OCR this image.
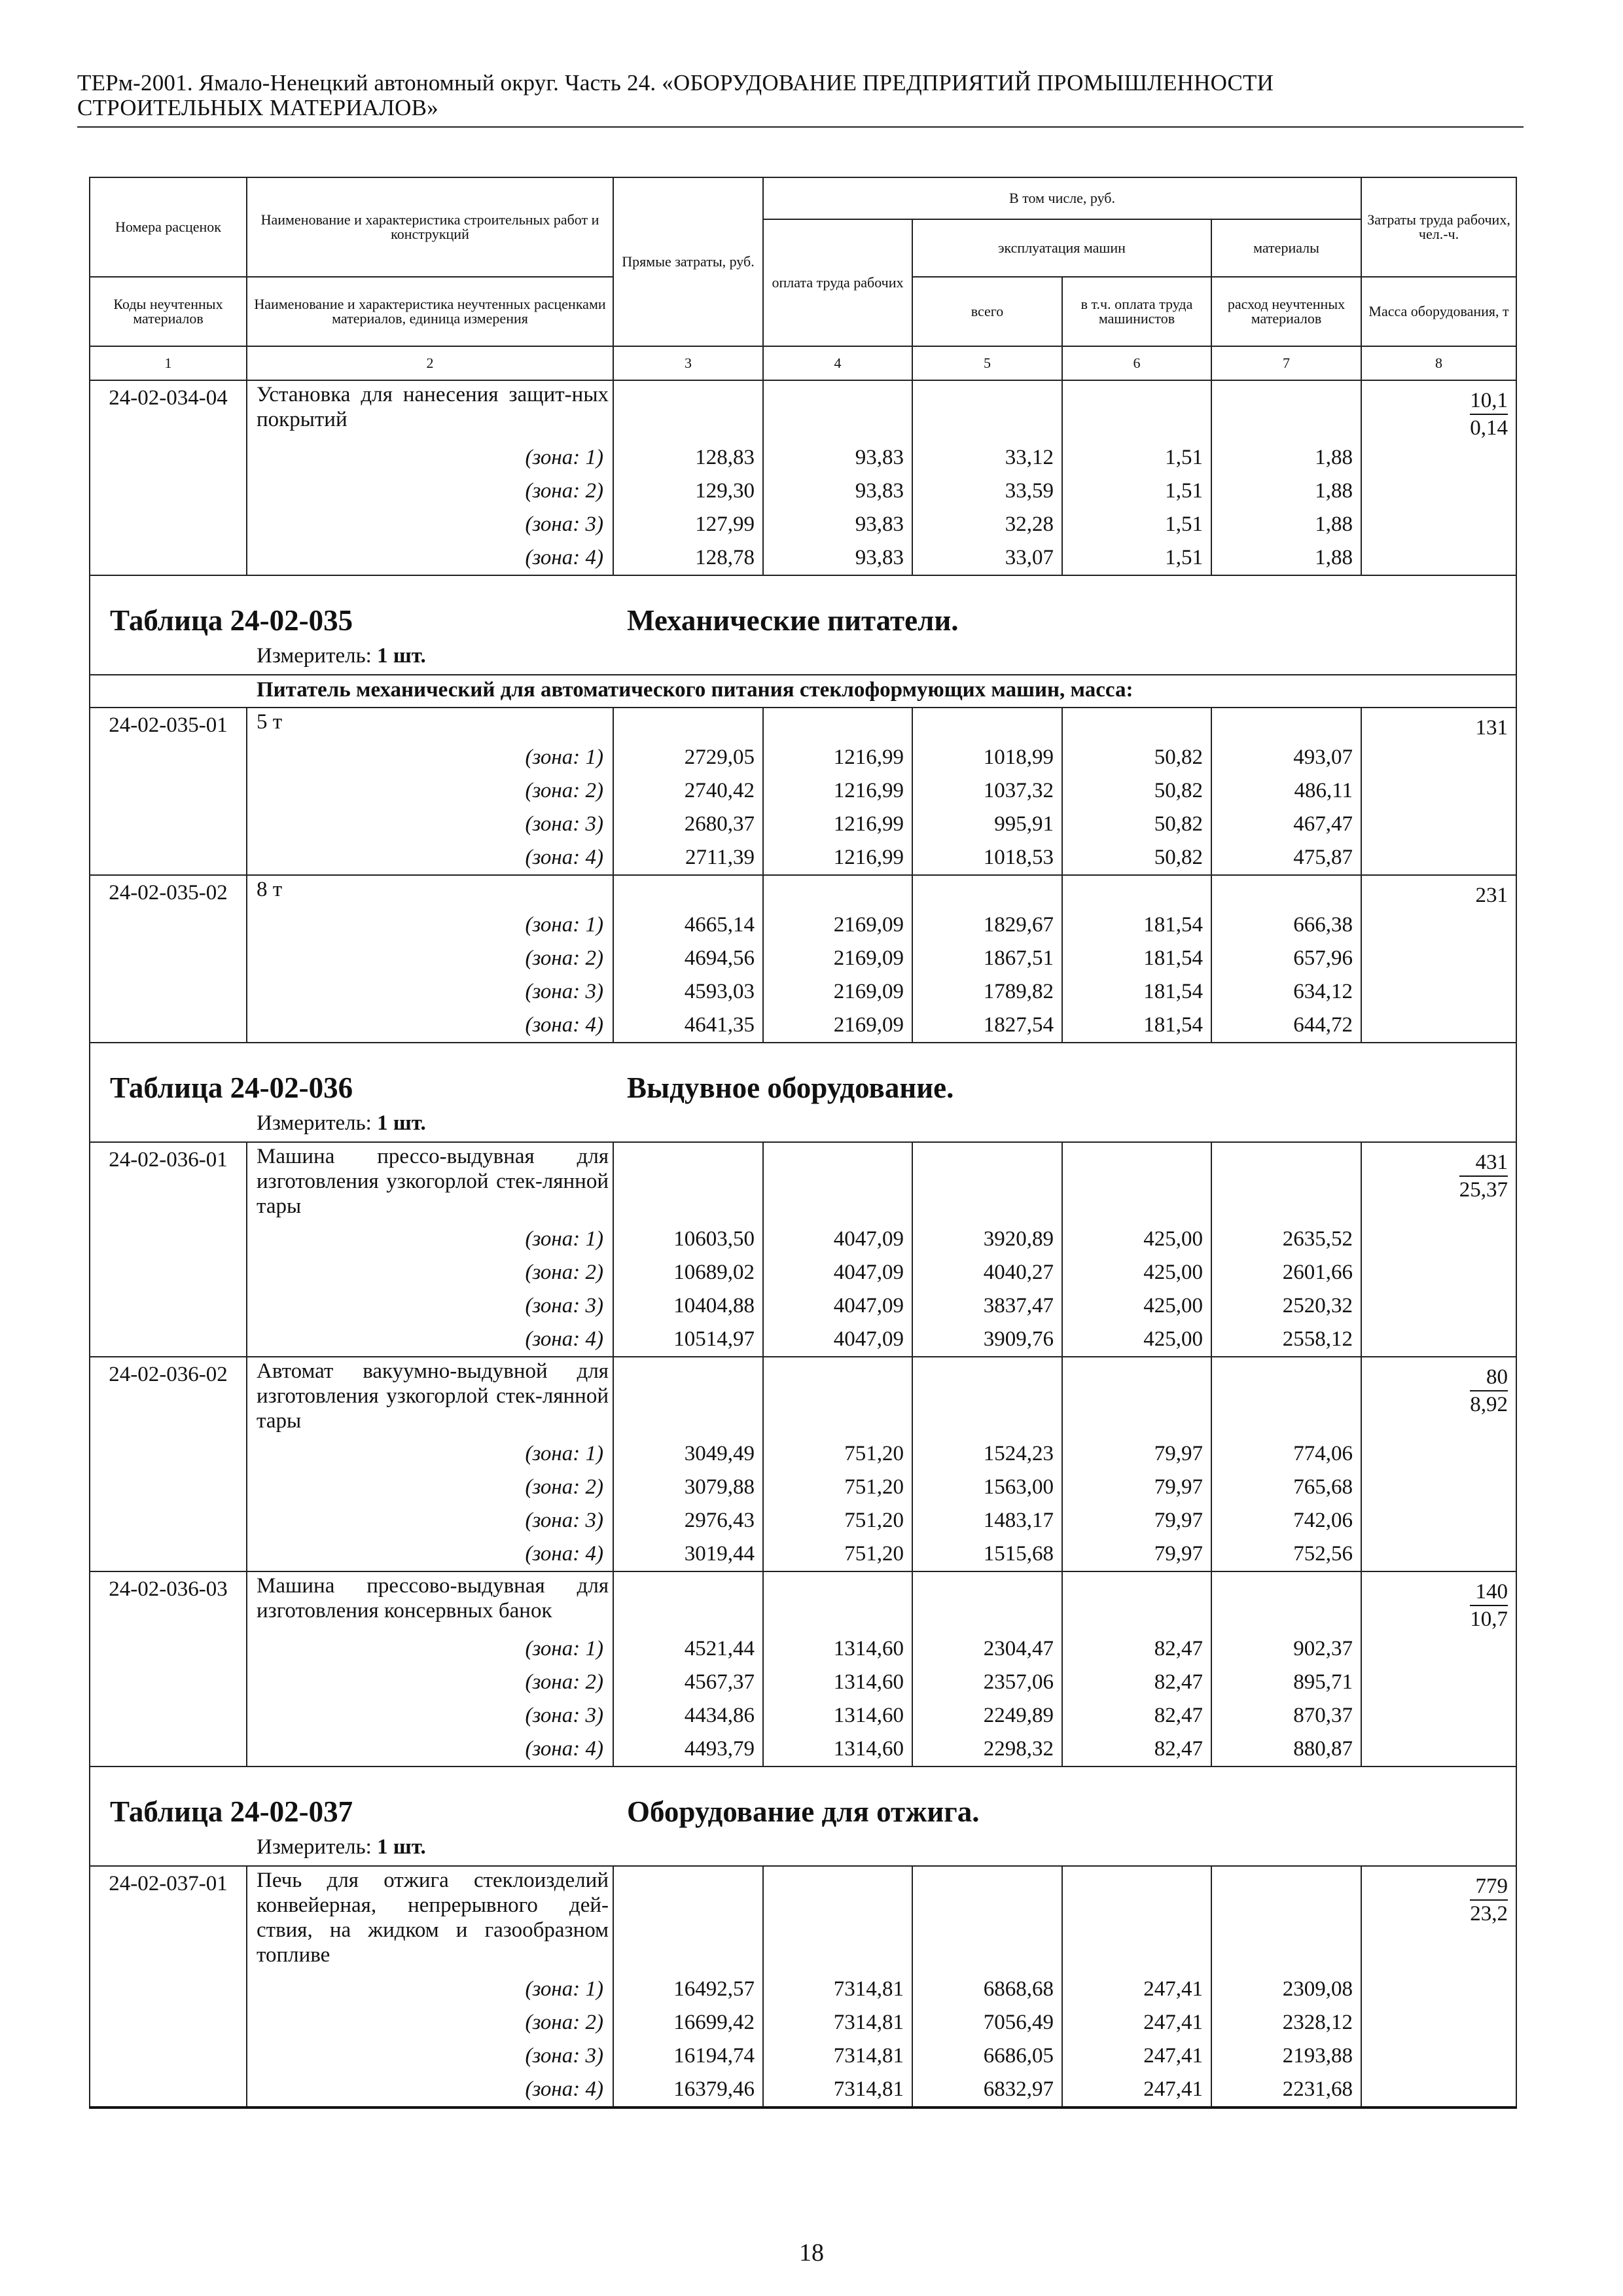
ТЕРм-2001. Ямало-Ненецкий автономный округ. Часть 24. «ОБОРУДОВАНИЕ ПРЕДПРИЯТИЙ ПРОМЫШЛЕННОСТИ
СТРОИТЕЛЬНЫХ МАТЕРИАЛОВ»
Номера расценок	Наименование и характеристика строительных работ и конструкций	Прямые затраты, руб.	В том числе, руб.				Затраты труда рабочих, чел.-ч.
			оплата труда рабочих	эксплуатация машин		материалы	
Коды неучтенных материалов	Наименование и характеристика неучтенных расценками материалов, единица измерения			всего	в т.ч. оплата труда машинистов	расход неучтенных материалов	Масса оборудования, т
1	2	3	4	5	6	7	8
24-02-034-04	Установка для нанесения защит-ных покрытий						$\frac{10,1}{0,14}$

	(зона: 1)	128,83	93,83	33,12	1,51	1,88	
	(зона: 2)	129,30	93,83	33,59	1,51	1,88	
	(зона: 3)	127,99	93,83	32,28	1,51	1,88	
	(зона: 4)	128,78	93,83	33,07	1,51	1,88	

Таблица 24-02-035 Механические питатели.
Измеритель: 1 шт.							

Питатель механический для автоматического питания стеклоформующих машин, масса:							
24-02-035-01	5 т						131
	(зона: 1)	2729,05	1216,99	1018,99	50,82	493,07	
	(зона: 2)	2740,42	1216,99	1037,32	50,82	486,11	
	(зона: 3)	2680,37	1216,99	995,91	50,82	467,47	
	(зона: 4)	2711,39	1216,99	1018,53	50,82	475,87	
24-02-035-02	8 т						231
	(зона: 1)	4665,14	2169,09	1829,67	181,54	666,38	
	(зона: 2)	4694,56	2169,09	1867,51	181,54	657,96	
	(зона: 3)	4593,03	2169,09	1789,82	181,54	634,12	
	(зона: 4)	4641,35	2169,09	1827,54	181,54	644,72	

Таблица 24-02-036 Выдувное оборудование.
Измеритель: 1 шт.							

24-02-036-01	Машина прессо-выдувная для изготовления узкогорлой стек-лянной тары						$\frac{431}{25,37}$

	(зона: 1)	10603,50	4047,09	3920,89	425,00	2635,52	
	(зона: 2)	10689,02	4047,09	4040,27	425,00	2601,66	
	(зона: 3)	10404,88	4047,09	3837,47	425,00	2520,32	
	(зона: 4)	10514,97	4047,09	3909,76	425,00	2558,12	
24-02-036-02	Автомат вакуумно-выдувной для изготовления узкогорлой стек-лянной тары						$\frac{80}{8,92}$

	(зона: 1)	3049,49	751,20	1524,23	79,97	774,06	
	(зона: 2)	3079,88	751,20	1563,00	79,97	765,68	
	(зона: 3)	2976,43	751,20	1483,17	79,97	742,06	
	(зона: 4)	3019,44	751,20	1515,68	79,97	752,56	
24-02-036-03	Машина прессово-выдувная для изготовления консервных банок						$\frac{140}{10,7}$

	(зона: 1)	4521,44	1314,60	2304,47	82,47	902,37	
	(зона: 2)	4567,37	1314,60	2357,06	82,47	895,71	
	(зона: 3)	4434,86	1314,60	2249,89	82,47	870,37	
	(зона: 4)	4493,79	1314,60	2298,32	82,47	880,87	

Таблица 24-02-037 Оборудование для отжига.
Измеритель: 1 шт.							

24-02-037-01	Печь для отжига стеклоизделий конвейерная, непрерывного дей-ствия, на жидком и газообразном топливе						$\frac{779}{23,2}$

	(зона: 1)	16492,57	7314,81	6868,68	247,41	2309,08	
	(зона: 2)	16699,42	7314,81	7056,49	247,41	2328,12	
	(зона: 3)	16194,74	7314,81	6686,05	247,41	2193,88	
	(зона: 4)	16379,46	7314,81	6832,97	247,41	2231,68	
18
